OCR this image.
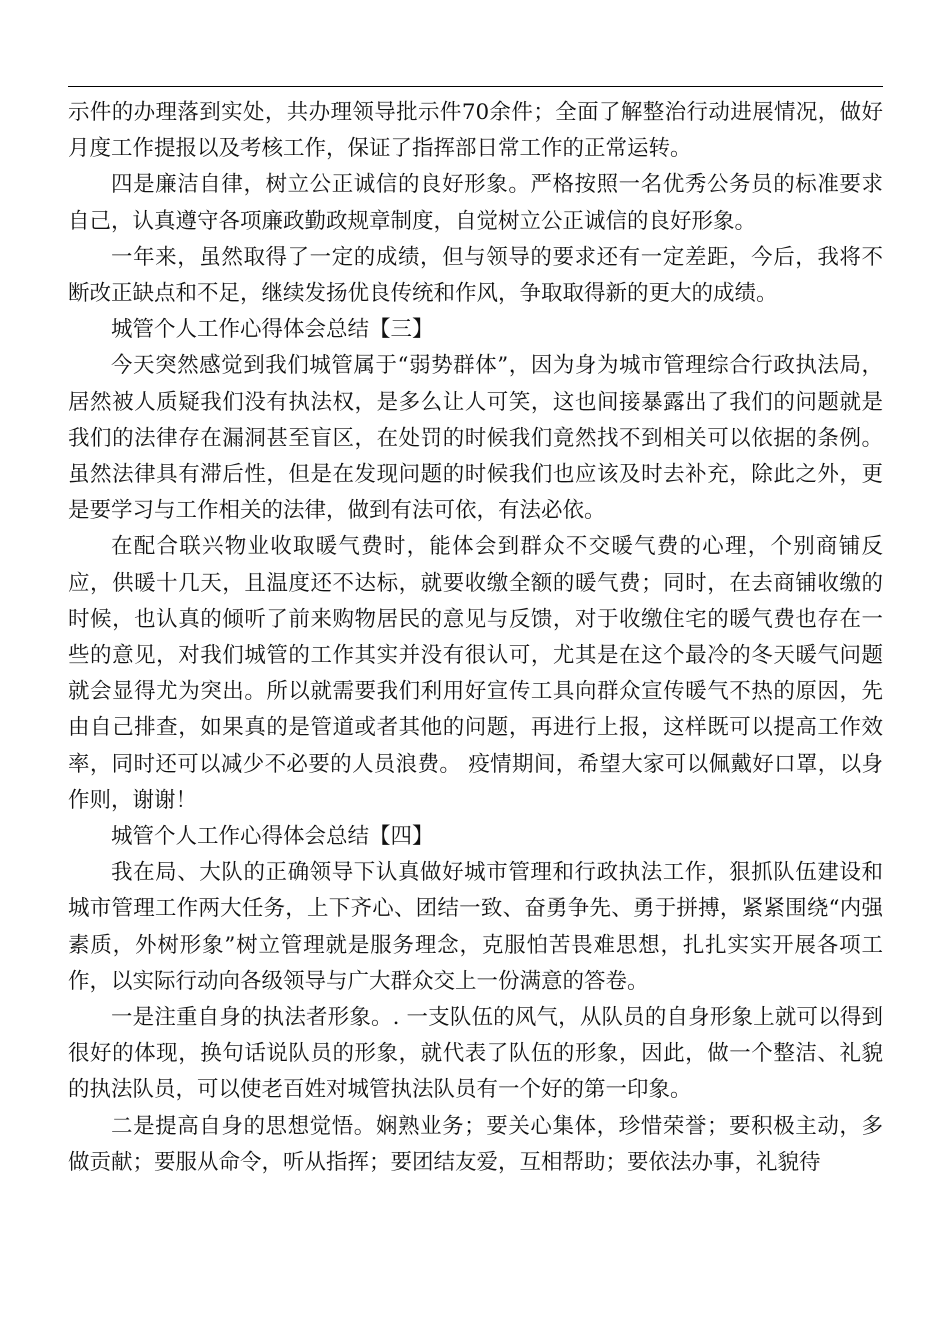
示件的办理落到实处，共办理领导批示件70余件；全面了解整治行动进展情况，做好月度工作提报以及考核工作，保证了指挥部日常工作的正常运转。

四是廉洁自律，树立公正诚信的良好形象。严格按照一名优秀公务员的标准要求自己，认真遵守各项廉政勤政规章制度，自觉树立公正诚信的良好形象。

一年来，虽然取得了一定的成绩，但与领导的要求还有一定差距，今后，我将不断改正缺点和不足，继续发扬优良传统和作风，争取取得新的更大的成绩。

城管个人工作心得体会总结【三】

今天突然感觉到我们城管属于“弱势群体”，因为身为城市管理综合行政执法局，居然被人质疑我们没有执法权，是多么让人可笑，这也间接暴露出了我们的问题就是我们的法律存在漏洞甚至盲区，在处罚的时候我们竟然找不到相关可以依据的条例。虽然法律具有滞后性，但是在发现问题的时候我们也应该及时去补充，除此之外，更是要学习与工作相关的法律，做到有法可依，有法必依。

在配合联兴物业收取暖气费时，能体会到群众不交暖气费的心理，个别商铺反应，供暖十几天，且温度还不达标，就要收缴全额的暖气费；同时，在去商铺收缴的时候，也认真的倾听了前来购物居民的意见与反馈，对于收缴住宅的暖气费也存在一些的意见，对我们城管的工作其实并没有很认可，尤其是在这个最冷的冬天暖气问题就会显得尤为突出。所以就需要我们利用好宣传工具向群众宣传暖气不热的原因，先由自己排查，如果真的是管道或者其他的问题，再进行上报，这样既可以提高工作效率，同时还可以减少不必要的人员浪费。 疫情期间，希望大家可以佩戴好口罩，以身作则，谢谢！

城管个人工作心得体会总结【四】

我在局、大队的正确领导下认真做好城市管理和行政执法工作，狠抓队伍建设和城市管理工作两大任务，上下齐心、团结一致、奋勇争先、勇于拼搏，紧紧围绕“内强素质，外树形象”树立管理就是服务理念，克服怕苦畏难思想，扎扎实实开展各项工作，以实际行动向各级领导与广大群众交上一份满意的答卷。

一是注重自身的执法者形象。. 一支队伍的风气，从队员的自身形象上就可以得到很好的体现，换句话说队员的形象，就代表了队伍的形象，因此，做一个整洁、礼貌的执法队员，可以使老百姓对城管执法队员有一个好的第一印象。

二是提高自身的思想觉悟。娴熟业务；要关心集体，珍惜荣誉；要积极主动，多做贡献；要服从命令，听从指挥；要团结友爱，互相帮助；要依法办事，礼貌待
